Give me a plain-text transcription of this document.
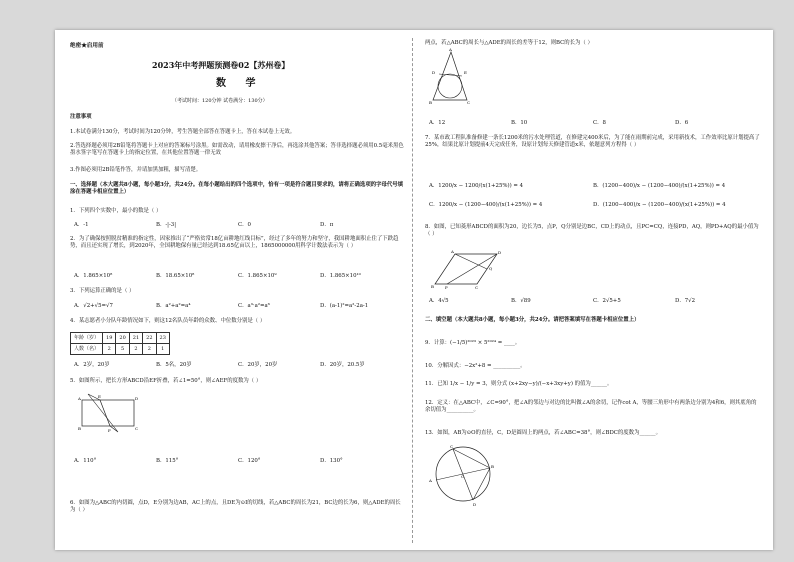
绝密★启用前
2023年中考押题预测卷02【苏州卷】
数 学
（考试时间：120分钟 试卷满分：130分）
注意事项
1.本试卷满分130分，考试时间为120分钟，考生答题全部答在答题卡上，答在本试卷上无效。
2.答选择题必须用2B铅笔将答题卡上对应的答案标号涂黑。如需改动，请用橡皮擦干净后，再选涂其他答案；答非选择题必须用0.5毫米黑色墨水签字笔写在答题卡上的指定位置，在其他位置答题一律无效
3.作图必须用2B铅笔作答，并请加黑加粗，描写清楚。
一、选择题（本大题共8小题，每小题3分，共24分。在每小题给出的四个选项中，恰有一项是符合题目要求的，请将正确选项的字母代号填涂在答题卡相应位置上）
1．下列四个实数中，最小的数是（ ）
A．-1	B．-|-3|	C．0	D．π
2．为了确保按照脱贫精准的指定性，因家推出了“严格贫常18亿亩耕地红线目标”，经过了多年的努力和坚守，我国耕地面积止住了下跌趋势，而且还实现了增长，到2020年，全国耕地保有量已经达到18.65亿亩以上，1865000000用科学计数法表示为（ ）
A．1.865×10⁸	B．18.65×10⁸	C．1.865×10⁹	D．1.865×10¹⁰
3．下列运算正确的是（ ）
A．√2+√5=√7	B．a²+a²=a⁴	C．a³·a²=a⁶	D．(a-1)²=a²-2a-1
4．某志愿者小分队年龄情况如下，则这12名队员年龄的众数、中位数分别是（ ）
年龄（岁）	19	20	21	22	23
人数（名）	2	5	2	2	1
A．2岁，20岁	B．5名，20岁	C．20岁，20岁	D．20岁，20.5岁
5．如图所示，把长方形ABCD沿EF折叠，若∠1=50°，则∠AEF的度数为（ ）
A	D
E
B	C
F
A．110°	B．115°	C．120°	D．130°
6．如图为△ABC的内切圆，点D，E分别为边AB，AC上的点，且DE为⊙I的切线，若△ABC的周长为21，BC边的长为6，则△ADE的周长为（ ）
两点，若△ABC的周长与△ADE的周长的差等于12，则BC的长为（ ）
A
D	E
B	C
A．12	B．10	C．8	D．6
7．某市政工程队准备修建一条长1200米的污水处理管道，在修建完400米后，为了能在雨期前完成，采用新技术，工作效率比原计划提高了25%，结果比原计划提前4天完成任务，设原计划每天修建管道x米，依题意列方程得（ ）
A．1200/x − 1200/(x(1+25%)) = 4	B．(1200−400)/x − (1200−400)/(x(1+25%)) = 4
C．1200/x − (1200−400)/(x(1+25%)) = 4	D．(1200−400)/x − (1200−400)/(x(1+25%)) = 4
8．如图，已知菱形ABCD的面积为20，边长为5，点P，Q分别是边BC，CD上的动点，且PC=CQ，连接PD，AQ，则PD+AQ的最小值为（ ）
A	D
Q
B	P	C
A．4√5	B．√89	C．2√5+5	D．7√2
二、填空题（本大题共8小题，每小题3分，共24分。请把答案填写在答题卡相应位置上）
9．计算：(−1/5)²⁰²³ × 5²⁰²⁴ = ____。
10．分解因式：−2x²+8 = __________。
11．已知 1/x − 1/y = 3，则分式 (x+2xy−y)/(−x+3xy+y) 的值为______。
12．定义：在△ABC中，∠C=90°，把∠A的邻边与对边的比叫做∠A的余切，记作cot A，等腰三角形中有两条边分别为4和6，则其底角的余切值为__________。
13．如图，AB为⊙O的直径，C，D是圆周上的两点，若∠ABC=38°，则∠BDC的度数为______。
A
B
O
C
D
